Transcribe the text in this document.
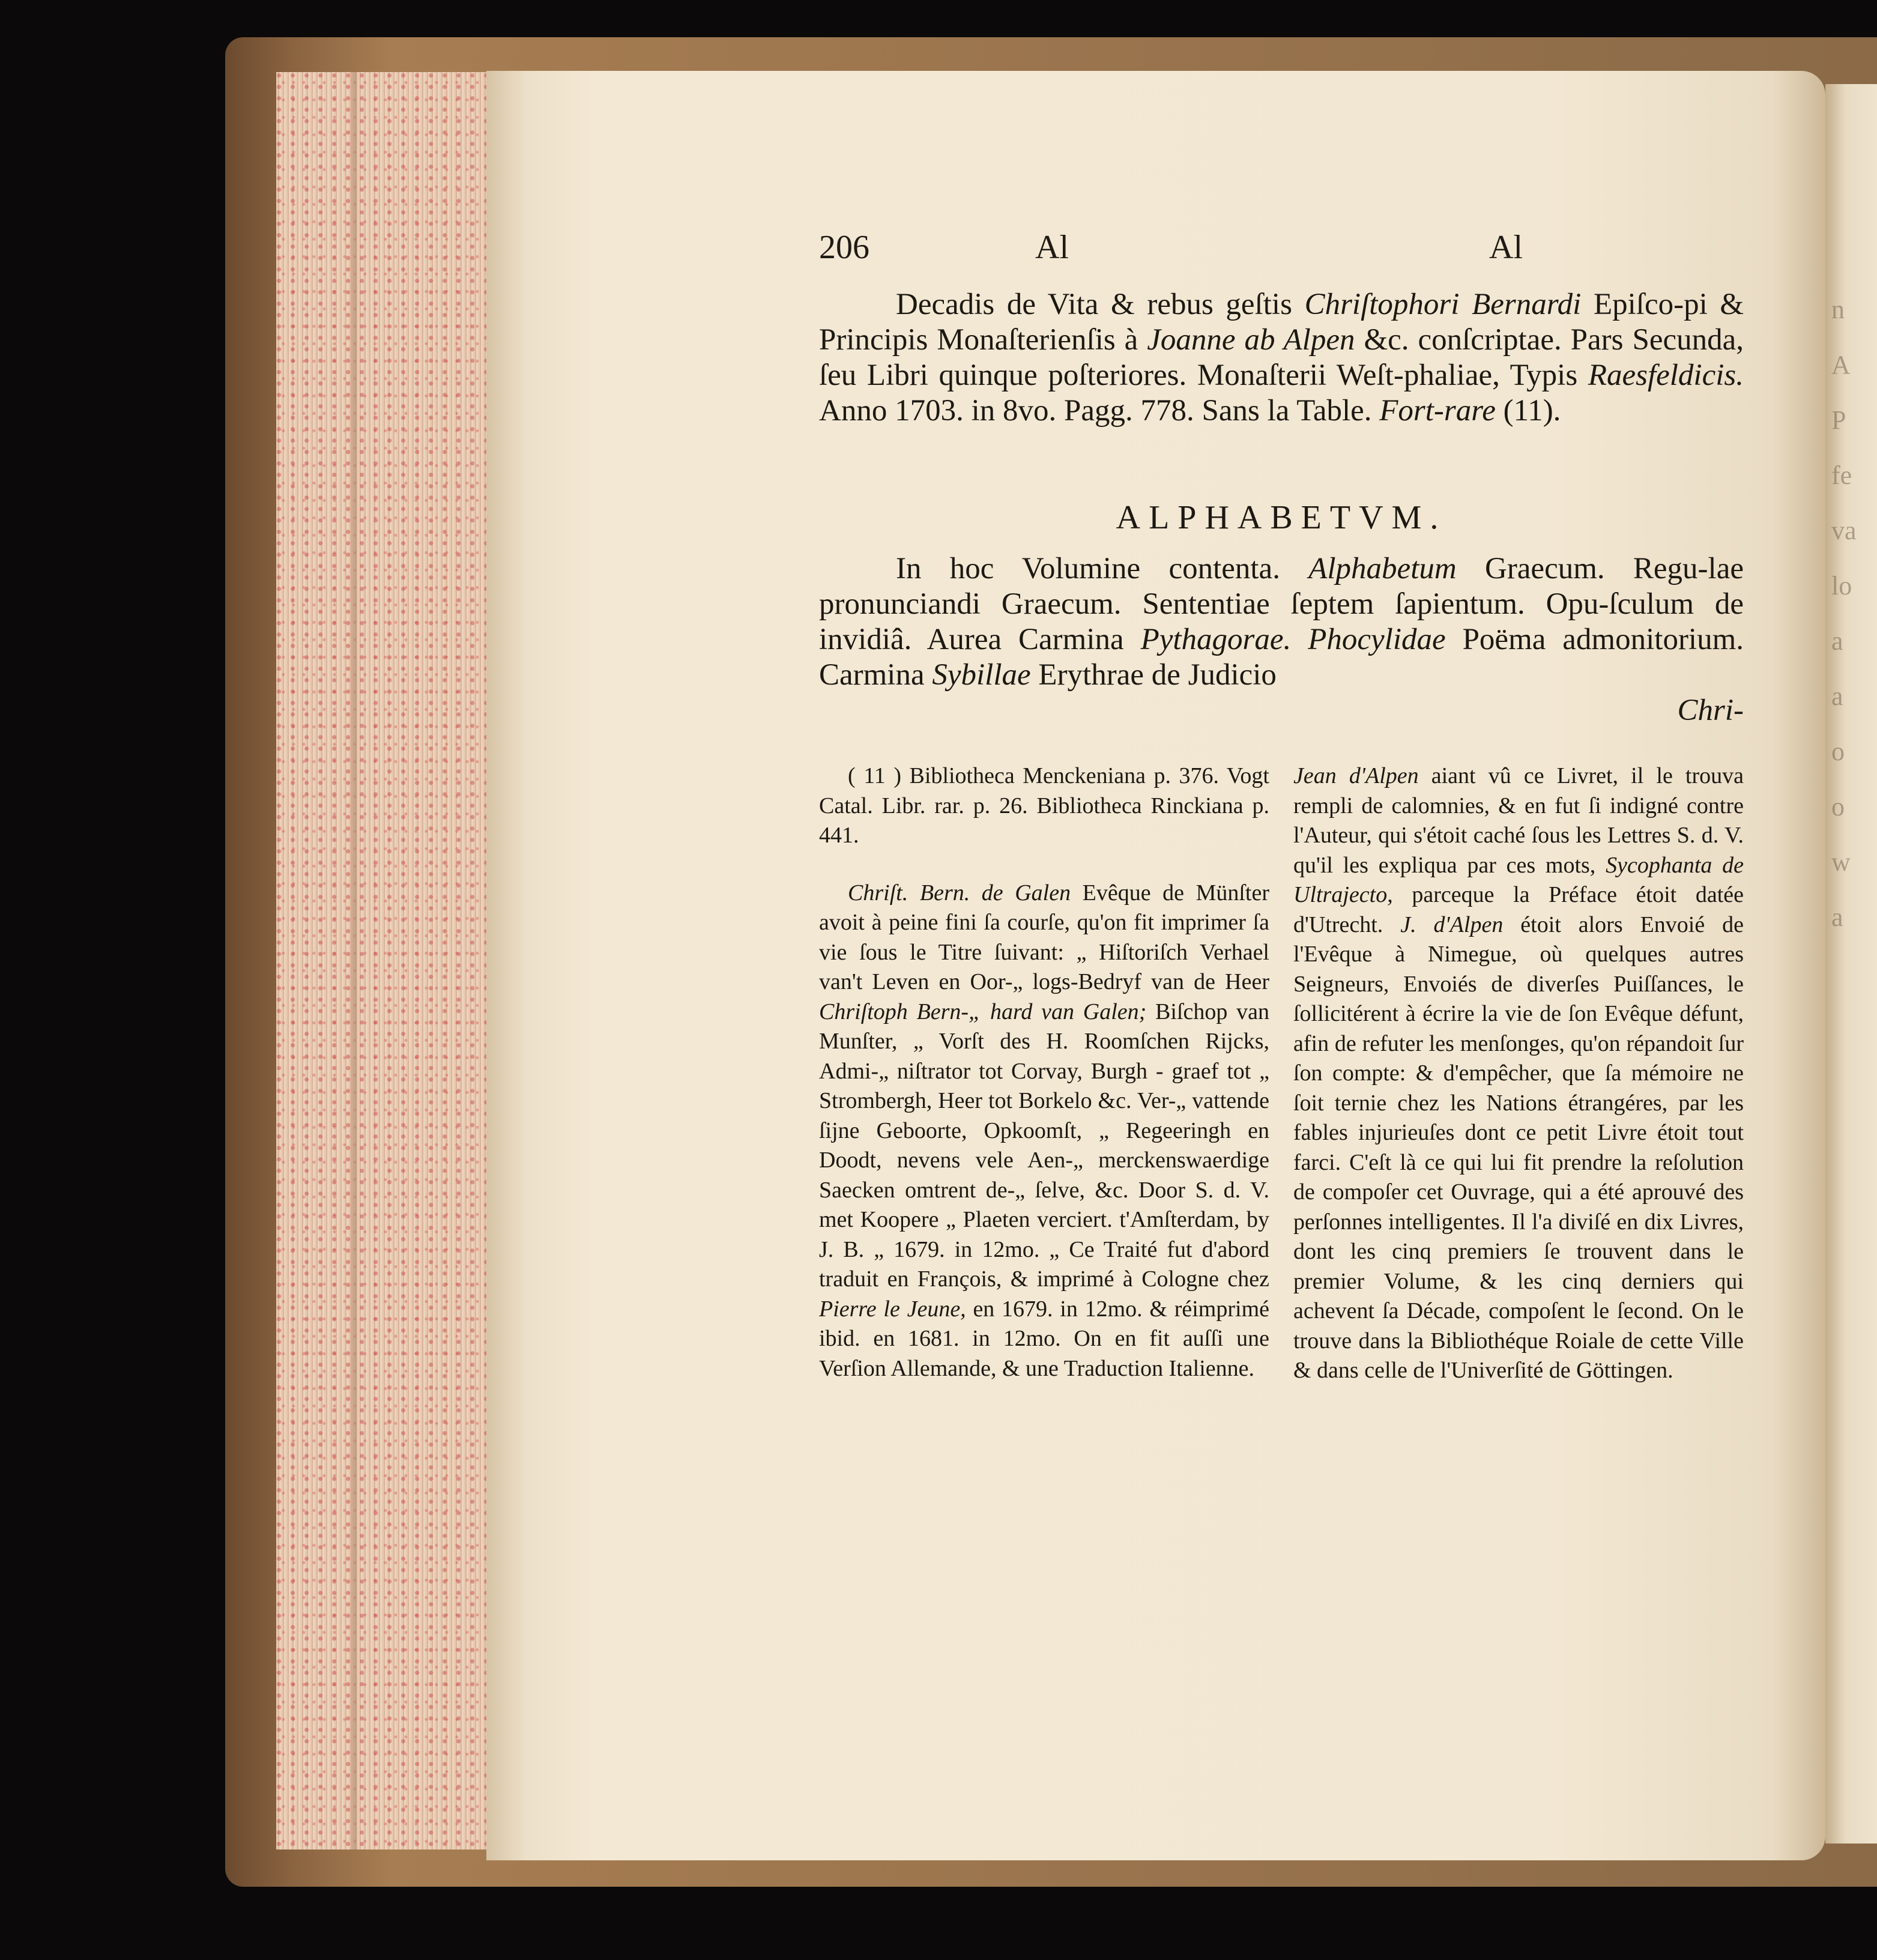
n
A
P
fe
va
lo
a
a
o
o
w
a
206	Al	Al

Decadis de Vita & rebus geſtis Chriſtophori Bernardi Epiſco-pi & Principis Monaſterienſis à Joanne ab Alpen &c. conſcriptae. Pars Secunda, ſeu Libri quinque poſteriores. Monaſterii Weſt-phaliae, Typis Raesfeldicis. Anno 1703. in 8vo. Pagg. 778. Sans la Table. Fort-rare (11).

ALPHABETVM.

In hoc Volumine contenta. Alphabetum Graecum. Regu-lae pronunciandi Graecum. Sententiae ſeptem ſapientum. Opu-ſculum de invidiâ. Aurea Carmina Pythagorae. Phocylidae Poëma admonitorium. Carmina Sybillae Erythrae de Judicio

Chri-

( 11 ) Bibliotheca Menckeniana p. 376. Vogt Catal. Libr. rar. p. 26. Bibliotheca Rinckiana p. 441.

Chriſt. Bern. de Galen Evêque de Münſter avoit à peine fini ſa courſe, qu'on fit imprimer ſa vie ſous le Titre ſuivant: „ Hiſtoriſch Verhael van't Leven en Oor-„ logs-Bedryf van de Heer Chriſtoph Bern-„ hard van Galen; Biſchop van Munſter, „ Vorſt des H. Roomſchen Rijcks, Admi-„ niſtrator tot Corvay, Burgh - graef tot „ Strombergh, Heer tot Borkelo &c. Ver-„ vattende ſijne Geboorte, Opkoomſt, „ Regeeringh en Doodt, nevens vele Aen-„ merckenswaerdige Saecken omtrent de-„ ſelve, &c. Door S. d. V. met Koopere „ Plaeten verciert. t'Amſterdam, by J. B. „ 1679. in 12mo. „ Ce Traité fut d'abord traduit en François, & imprimé à Cologne chez Pierre le Jeune, en 1679. in 12mo. & réimprimé ibid. en 1681. in 12mo. On en fit auſſi une Verſion Allemande, & une Traduction Italienne.

Jean d'Alpen aiant vû ce Livret, il le trouva rempli de calomnies, & en fut ſi indigné contre l'Auteur, qui s'étoit caché ſous les Lettres S. d. V. qu'il les expliqua par ces mots, Sycophanta de Ultrajecto, parceque la Préface étoit datée d'Utrecht. J. d'Alpen étoit alors Envoié de l'Evêque à Nimegue, où quelques autres Seigneurs, Envoiés de diverſes Puiſſances, le ſollicitérent à écrire la vie de ſon Evêque défunt, afin de refuter les menſonges, qu'on répandoit ſur ſon compte: & d'empêcher, que ſa mémoire ne ſoit ternie chez les Nations étrangéres, par les fables injurieuſes dont ce petit Livre étoit tout farci. C'eſt là ce qui lui fit prendre la reſolution de compoſer cet Ouvrage, qui a été aprouvé des perſonnes intelligentes. Il l'a diviſé en dix Livres, dont les cinq premiers ſe trouvent dans le premier Volume, & les cinq derniers qui achevent ſa Décade, compoſent le ſecond. On le trouve dans la Bibliothéque Roiale de cette Ville & dans celle de l'Univerſité de Göttingen.
